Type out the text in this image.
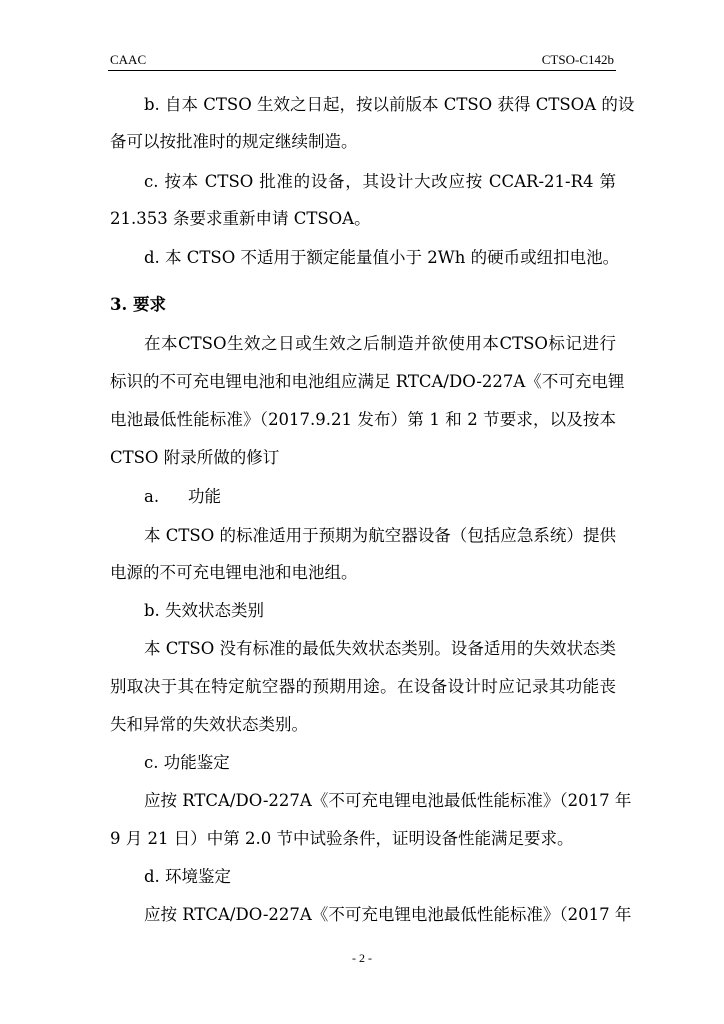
CAAC	CTSO-C142b
b. 自本 CTSO 生效之日起，按以前版本 CTSO 获得 CTSOA 的设
备可以按批准时的规定继续制造。
c. 按本 CTSO 批准的设备，其设计大改应按 CCAR-21-R4 第
21.353 条要求重新申请 CTSOA。
d. 本 CTSO 不适用于额定能量值小于 2Wh 的硬币或纽扣电池。
3. 要求
在本CTSO生效之日或生效之后制造并欲使用本CTSO标记进行
标识的不可充电锂电池和电池组应满足 RTCA/DO-227A《不可充电锂
电池最低性能标准》（2017.9.21 发布）第 1 和 2 节要求，以及按本
CTSO 附录所做的修订
a. 功能
本 CTSO 的标准适用于预期为航空器设备（包括应急系统）提供
电源的不可充电锂电池和电池组。
b. 失效状态类别
本 CTSO 没有标准的最低失效状态类别。设备适用的失效状态类
别取决于其在特定航空器的预期用途。在设备设计时应记录其功能丧
失和异常的失效状态类别。
c. 功能鉴定
应按 RTCA/DO-227A《不可充电锂电池最低性能标准》（2017 年
9 月 21 日）中第 2.0 节中试验条件，证明设备性能满足要求。
d. 环境鉴定
应按 RTCA/DO-227A《不可充电锂电池最低性能标准》（2017 年
- 2 -
